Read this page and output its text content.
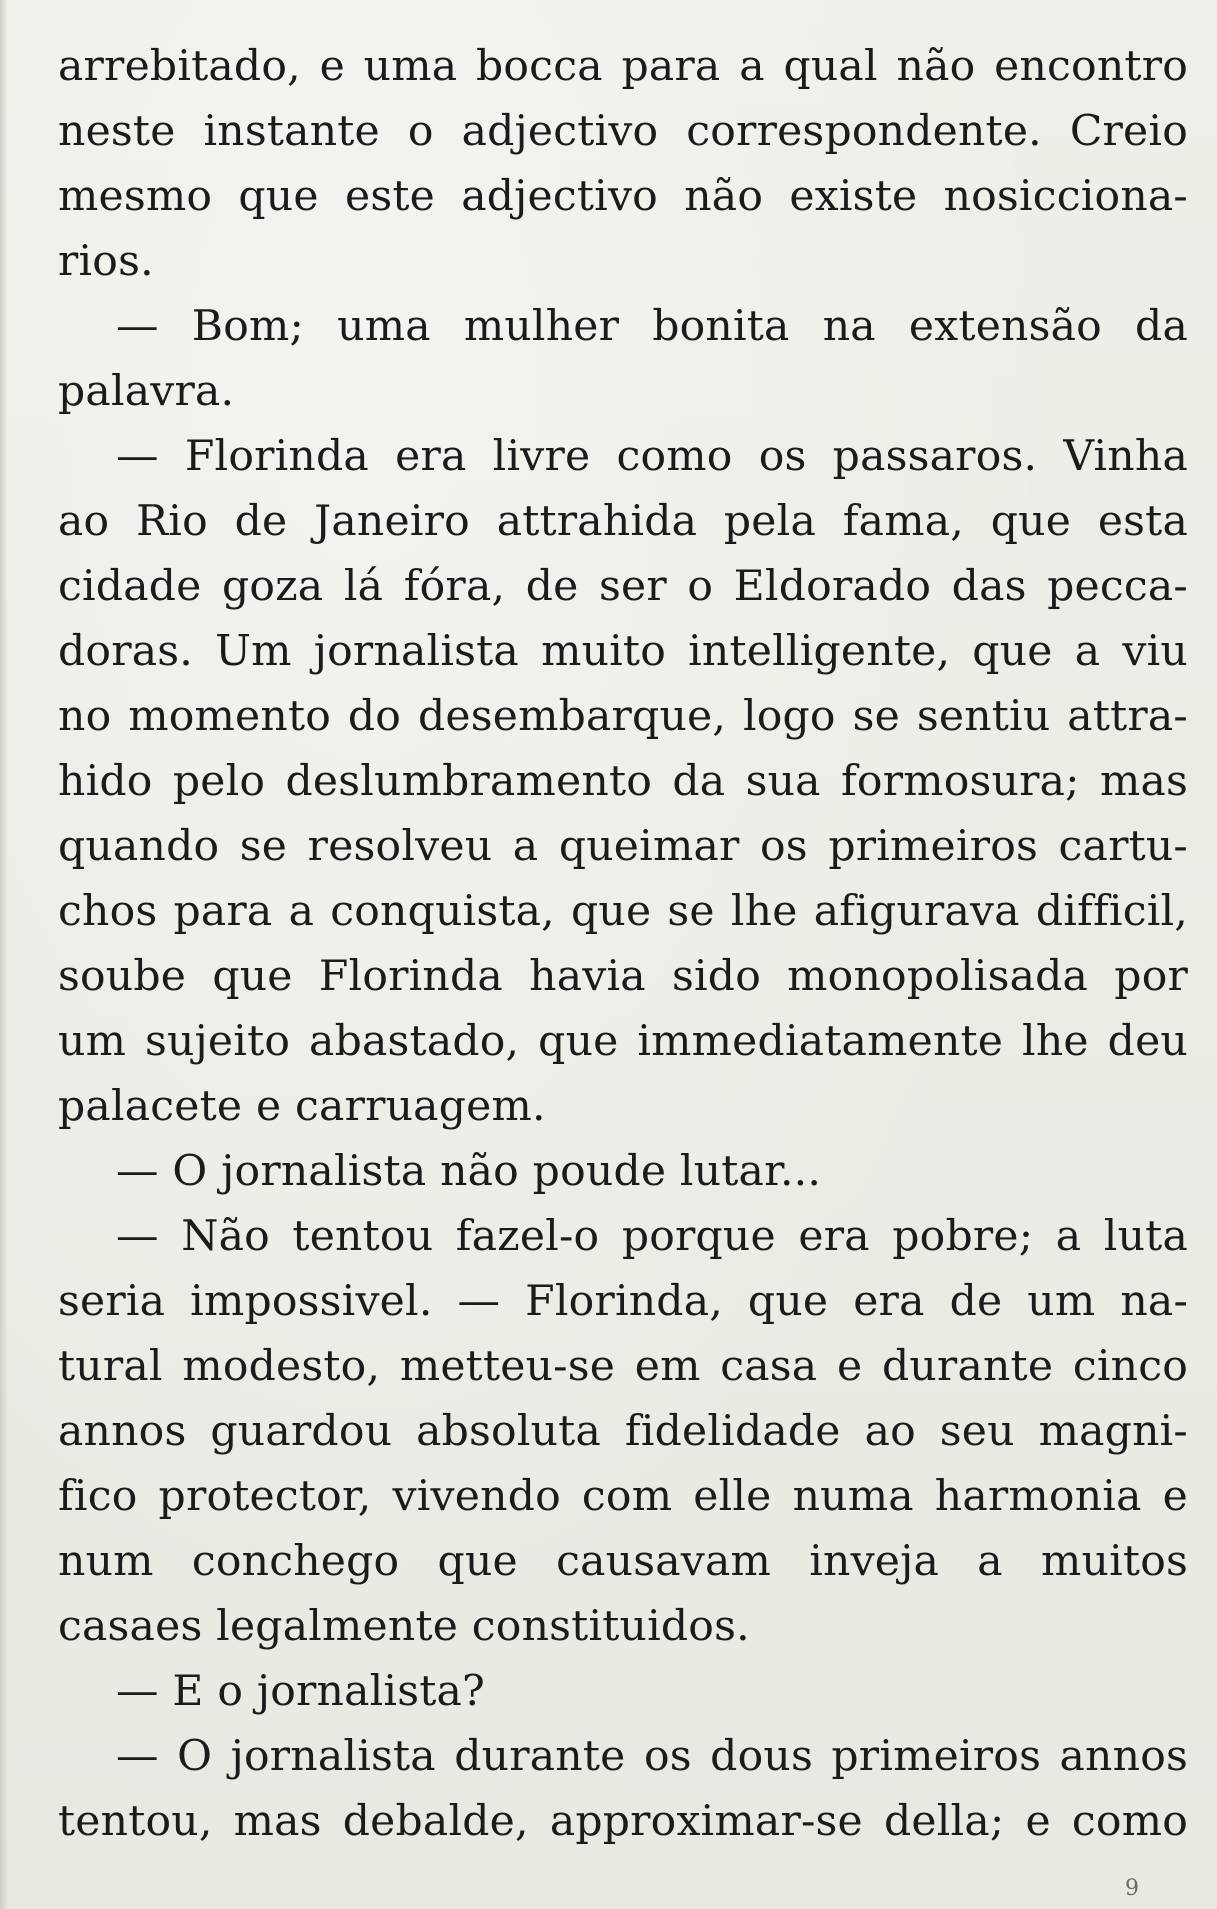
arrebitado, e uma bocca para a qual não encontro
neste instante o adjectivo correspondente. Creio
mesmo que este adjectivo não existe nosicciona-
rios.
— Bom; uma mulher bonita na extensão da
palavra.
— Florinda era livre como os passaros. Vinha
ao Rio de Janeiro attrahida pela fama, que esta
cidade goza lá fóra, de ser o Eldorado das pecca-
doras. Um jornalista muito intelligente, que a viu
no momento do desembarque, logo se sentiu attra-
hido pelo deslumbramento da sua formosura; mas
quando se resolveu a queimar os primeiros cartu-
chos para a conquista, que se lhe afigurava difficil,
soube que Florinda havia sido monopolisada por
um sujeito abastado, que immediatamente lhe deu
palacete e carruagem.
— O jornalista não poude lutar...
— Não tentou fazel-o porque era pobre; a luta
seria impossivel. — Florinda, que era de um na-
tural modesto, metteu-se em casa e durante cinco
annos guardou absoluta fidelidade ao seu magni-
fico protector, vivendo com elle numa harmonia e
num conchego que causavam inveja a muitos
casaes legalmente constituidos.
— E o jornalista?
— O jornalista durante os dous primeiros annos
tentou, mas debalde, approximar-se della; e como
9
